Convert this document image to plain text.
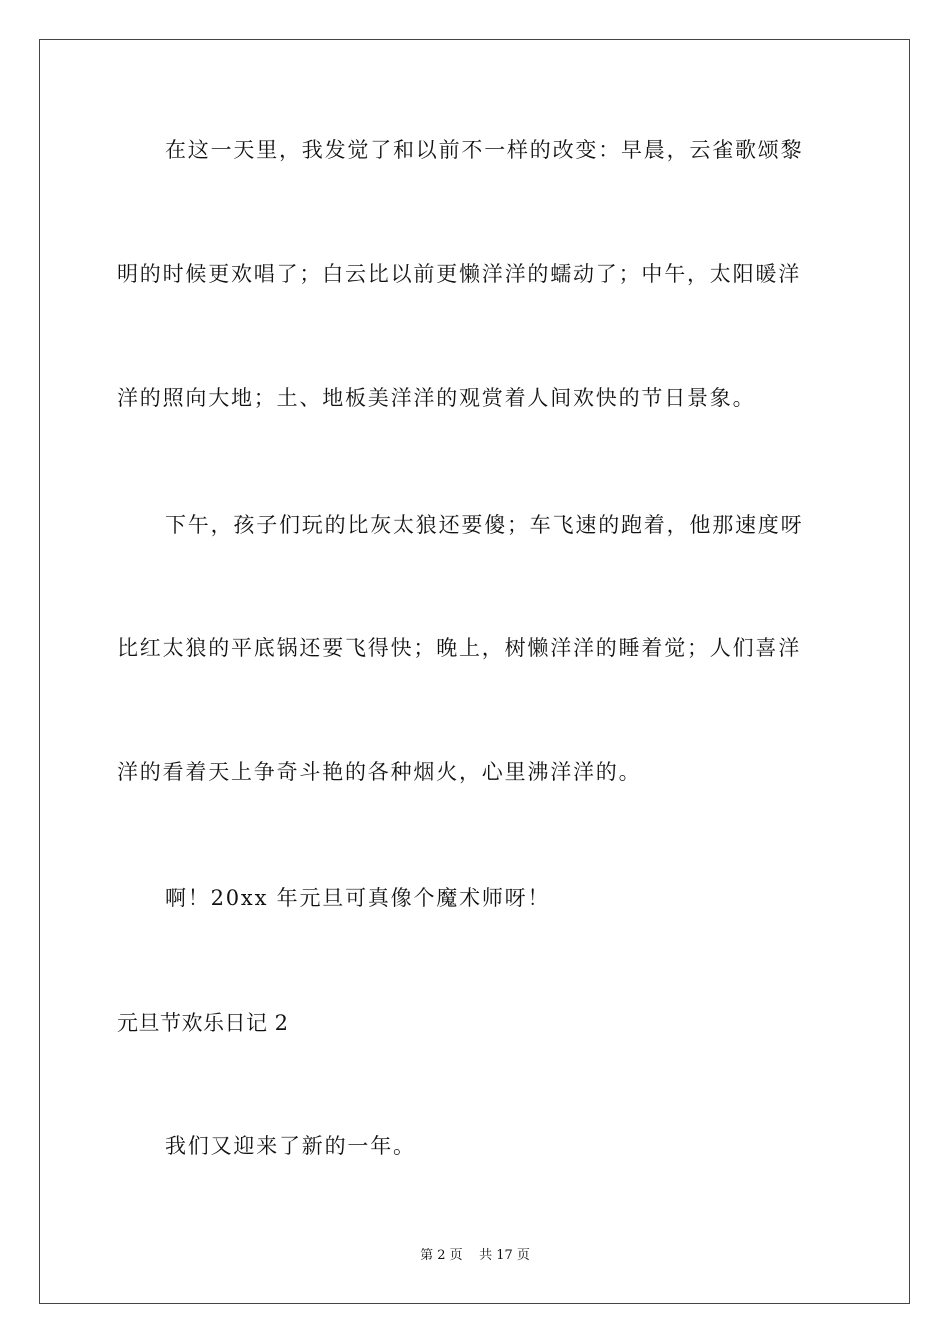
在这一天里，我发觉了和以前不一样的改变：早晨，云雀歌颂黎
明的时候更欢唱了；白云比以前更懒洋洋的蠕动了；中午，太阳暖洋
洋的照向大地；土、地板美洋洋的观赏着人间欢快的节日景象。
下午，孩子们玩的比灰太狼还要傻；车飞速的跑着，他那速度呀
比红太狼的平底锅还要飞得快；晚上，树懒洋洋的睡着觉；人们喜洋
洋的看着天上争奇斗艳的各种烟火，心里沸洋洋的。
啊！20xx 年元旦可真像个魔术师呀！
元旦节欢乐日记 2
我们又迎来了新的一年。
第 2 页    共 17 页
